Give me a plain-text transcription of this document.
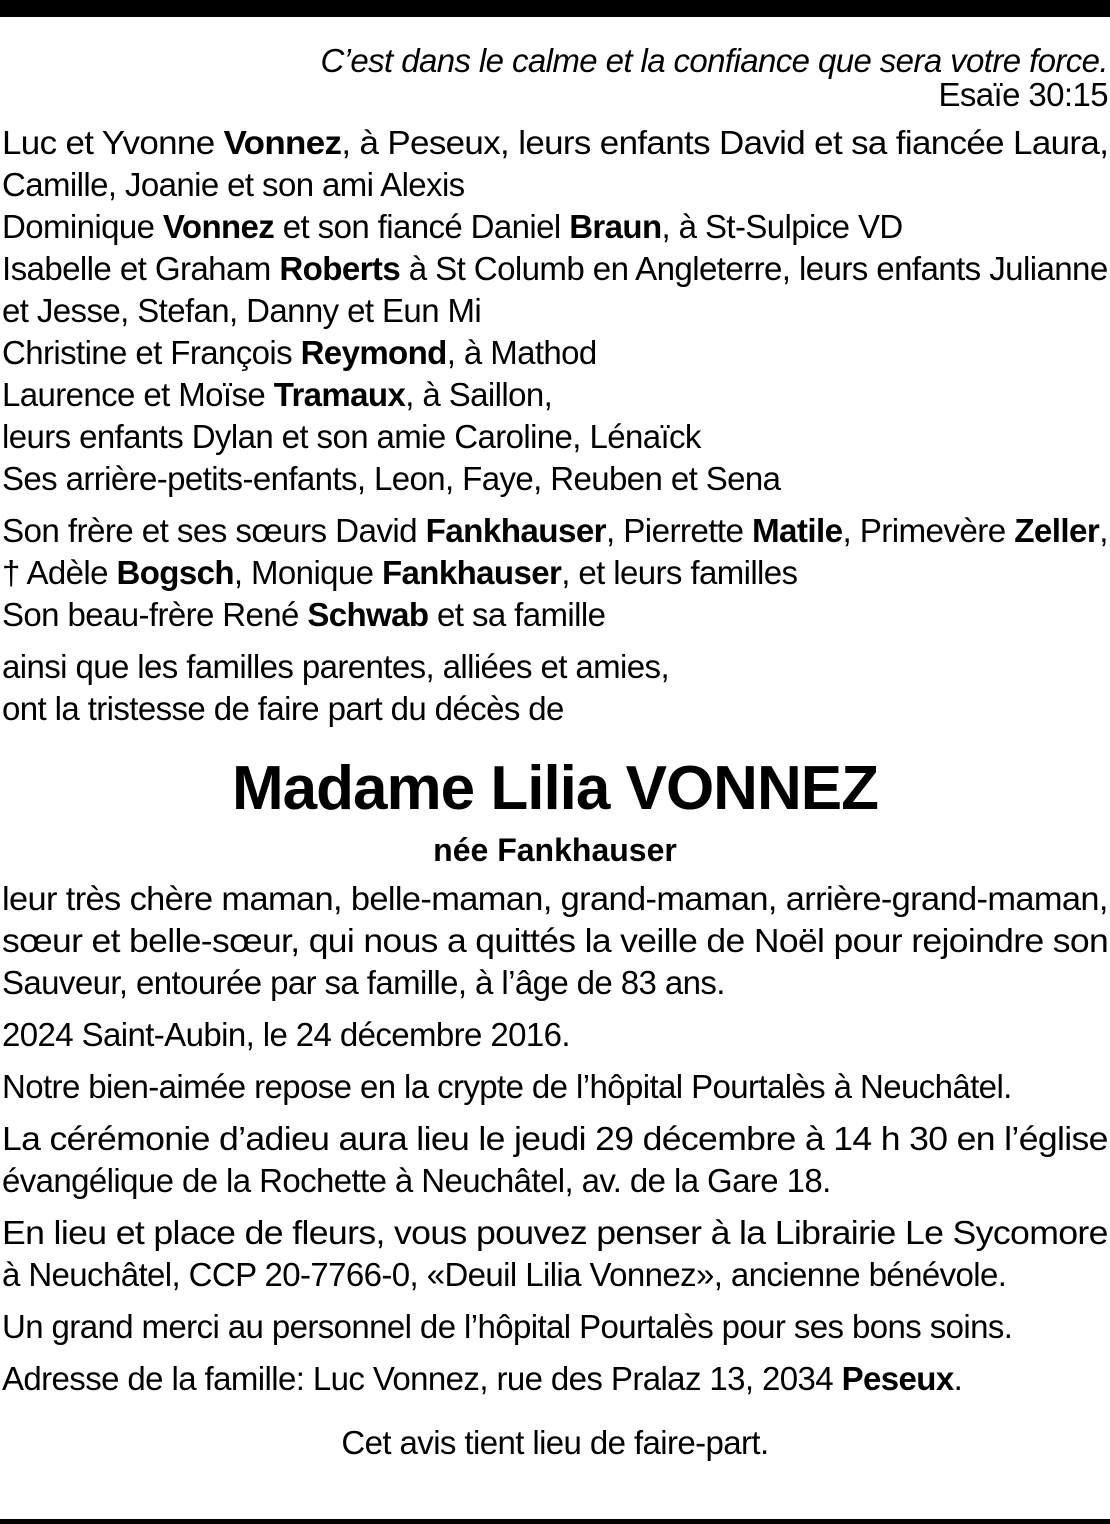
C’est dans le calme et la confiance que sera votre force.
Esaïe 30:15
Luc et Yvonne Vonnez, à Peseux, leurs enfants David et sa fiancée Laura,
Camille, Joanie et son ami Alexis
Dominique Vonnez et son fiancé Daniel Braun, à St-Sulpice VD
Isabelle et Graham Roberts à St Columb en Angleterre, leurs enfants Julianne
et Jesse, Stefan, Danny et Eun Mi
Christine et François Reymond, à Mathod
Laurence et Moïse Tramaux, à Saillon,
leurs enfants Dylan et son amie Caroline, Lénaïck
Ses arrière-petits-enfants, Leon, Faye, Reuben et Sena
Son frère et ses sœurs David Fankhauser, Pierrette Matile, Primevère Zeller,
† Adèle Bogsch, Monique Fankhauser, et leurs familles
Son beau-frère René Schwab et sa famille
ainsi que les familles parentes, alliées et amies,
ont la tristesse de faire part du décès de
Madame Lilia VONNEZ
née Fankhauser
leur très chère maman, belle-maman, grand-maman, arrière-grand-maman,
sœur et belle-sœur, qui nous a quittés la veille de Noël pour rejoindre son
Sauveur, entourée par sa famille, à l’âge de 83 ans.
2024 Saint-Aubin, le 24 décembre 2016.
Notre bien-aimée repose en la crypte de l’hôpital Pourtalès à Neuchâtel.
La cérémonie d’adieu aura lieu le jeudi 29 décembre à 14 h 30 en l’église
évangélique de la Rochette à Neuchâtel, av. de la Gare 18.
En lieu et place de fleurs, vous pouvez penser à la Librairie Le Sycomore
à Neuchâtel, CCP 20-7766-0, «Deuil Lilia Vonnez», ancienne bénévole.
Un grand merci au personnel de l’hôpital Pourtalès pour ses bons soins.
Adresse de la famille: Luc Vonnez, rue des Pralaz 13, 2034 Peseux.
Cet avis tient lieu de faire-part.
